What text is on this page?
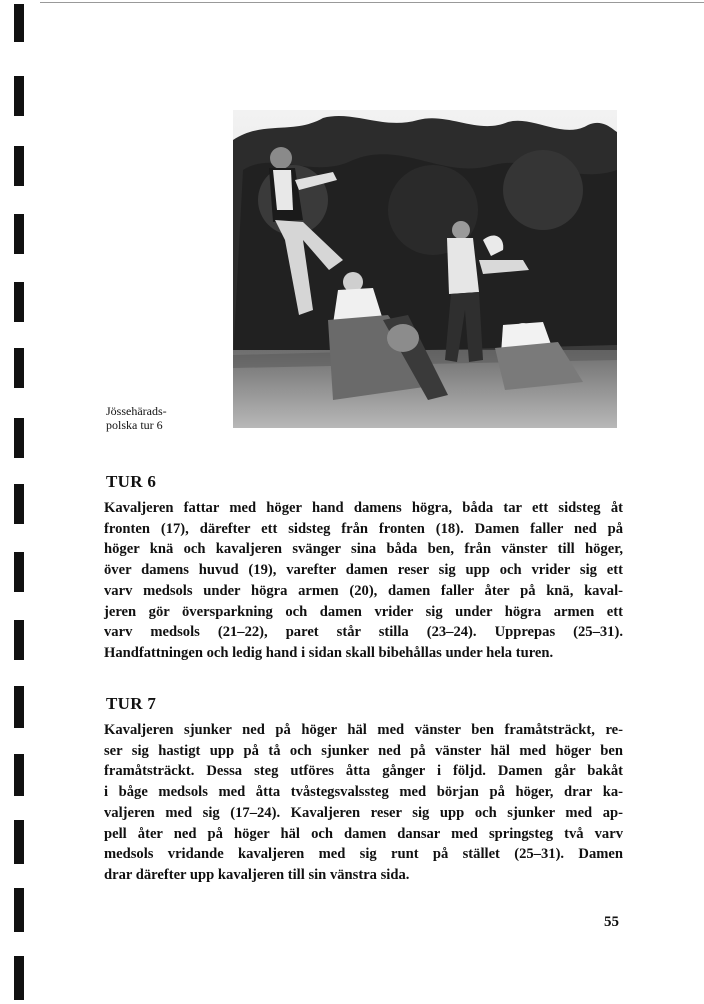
Jössehärads-
polska tur 6
TUR 6
Kavaljeren fattar med höger hand damens högra, båda tar ett sidsteg åt
fronten (17), därefter ett sidsteg från fronten (18). Damen faller ned på
höger knä och kavaljeren svänger sina båda ben, från vänster till höger,
över damens huvud (19), varefter damen reser sig upp och vrider sig ett
varv medsols under högra armen (20), damen faller åter på knä, kaval-
jeren gör översparkning och damen vrider sig under högra armen ett
varv medsols (21–22), paret står stilla (23–24). Upprepas (25–31).
Handfattningen och ledig hand i sidan skall bibehållas under hela turen.
TUR 7
Kavaljeren sjunker ned på höger häl med vänster ben framåtsträckt, re-
ser sig hastigt upp på tå och sjunker ned på vänster häl med höger ben
framåtsträckt. Dessa steg utföres åtta gånger i följd. Damen går bakåt
i båge medsols med åtta tvåstegsvalssteg med början på höger, drar ka-
valjeren med sig (17–24). Kavaljeren reser sig upp och sjunker med ap-
pell åter ned på höger häl och damen dansar med springsteg två varv
medsols vridande kavaljeren med sig runt på stället (25–31). Damen
drar därefter upp kavaljeren till sin vänstra sida.
55
